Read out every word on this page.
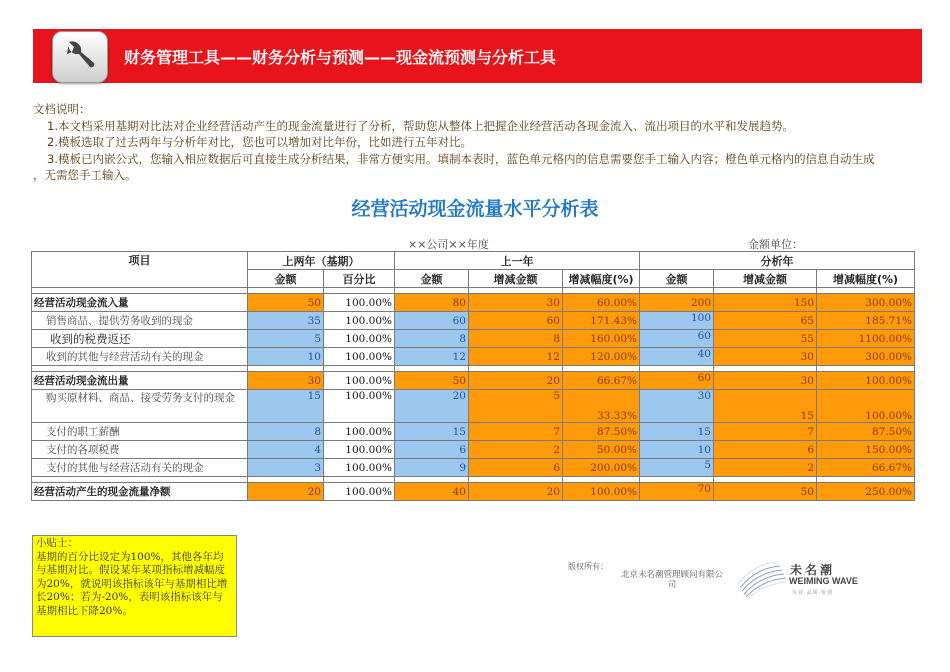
财务管理工具——财务分析与预测——现金流预测与分析工具
文档说明：
1.本文档采用基期对比法对企业经营活动产生的现金流量进行了分析，帮助您从整体上把握企业经营活动各现金流入、流出项目的水平和发展趋势。
2.模板选取了过去两年与分析年对比，您也可以增加对比年份，比如进行五年对比。
3.模板已内嵌公式，您输入相应数据后可直接生成分析结果，非常方便实用。填制本表时，蓝色单元格内的信息需要您手工输入内容；橙色单元格内的信息自动生成
，无需您手工输入。
经营活动现金流量水平分析表
××公司××年度	金额单位：
项目	上两年（基期）		上一年			分析年		
	金额	百分比	金额	增减金额	增减幅度(%)	金额	增减金额	增减幅度(%)

经营活动现金流入量	50	100.00%	80	30	60.00%	200	150	300.00%
销售商品、提供劳务收到的现金	35	100.00%	60	60	171.43%	100	65	185.71%
收到的税费返还	5	100.00%	8	8	160.00%	60	55	1100.00%
收到的其他与经营活动有关的现金	10	100.00%	12	12	120.00%	40	30	300.00%

经营活动现金流出量	30	100.00%	50	20	66.67%	60	30	100.00%
购买原材料、商品、接受劳务支付的现金	15	100.00%	20	5	33.33%	30	15	100.00%
支付的职工薪酬	8	100.00%	15	7	87.50%	15	7	87.50%
支付的各项税费	4	100.00%	6	2	50.00%	10	6	150.00%
支付的其他与经营活动有关的现金	3	100.00%	9	6	200.00%	5	2	66.67%

经营活动产生的现金流量净额	20	100.00%	40	20	100.00%	70	50	250.00%
小贴士：
基期的百分比设定为100%，其他各年均与基期对比。假设某年某项指标增减幅度为20%，就说明该指标该年与基期相比增长20%；若为-20%，表明该指标该年与基期相比下降20%。
版权所有：
北京未名潮管理顾问有限公司
未名潮
WEIMING WAVE
专业·品质·价值
